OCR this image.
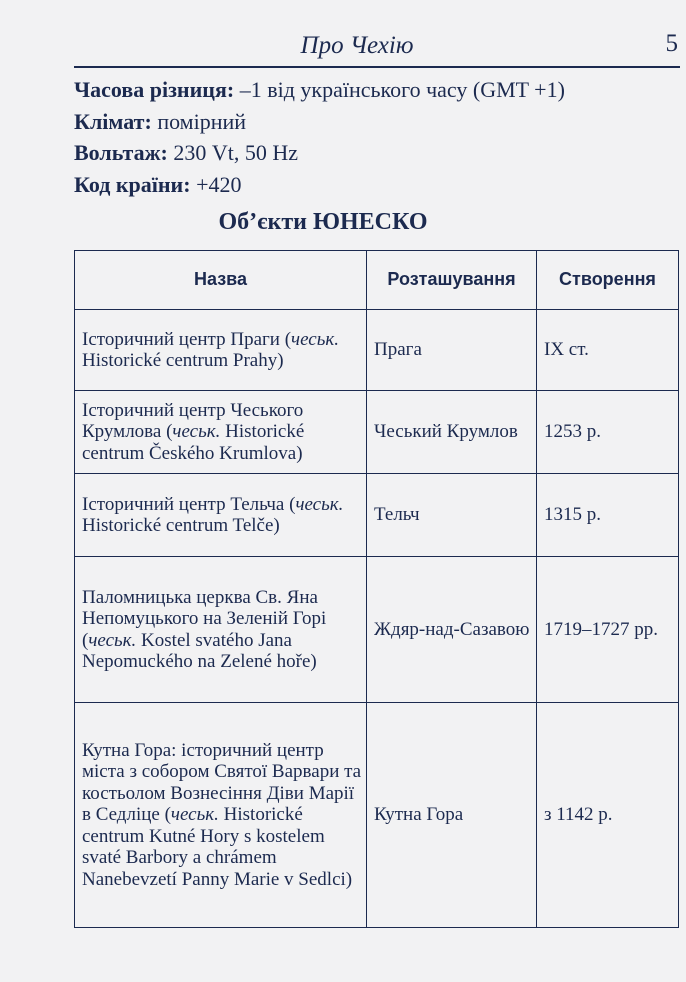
Про Чехію	5
Часова різниця: –1 від українського часу (GMT +1)
Клімат: помірний
Вольтаж: 230 Vt, 50 Hz
Код країни: +420
Об’єкти ЮНЕСКО
Назва	Розташування	Створення
Історичний центр Праги (чеськ. Historické centrum Prahy)	Прага	IX ст.
Історичний центр Чеського Крумлова (чеськ. Historické centrum Českého Krumlova)	Чеський Крумлов	1253 р.
Історичний центр Тельча (чеськ. Historické centrum Telče)	Тельч	1315 р.
Паломницька церква Св. Яна Непомуцького на Зеленій Горі (чеськ. Kostel svatého Jana Nepomuckého na Zelené hoře)	Ждяр-над-Сазавою	1719–1727 рр.
Кутна Гора: історичний центр міста з собором Святої Варвари та костьолом Вознесіння Діви Марії в Седліце (чеськ. Historické centrum Kutné Hory s kostelem svaté Barbory a chrámem Nanebevzetí Panny Marie v Sedlci)	Кутна Гора	з 1142 р.
